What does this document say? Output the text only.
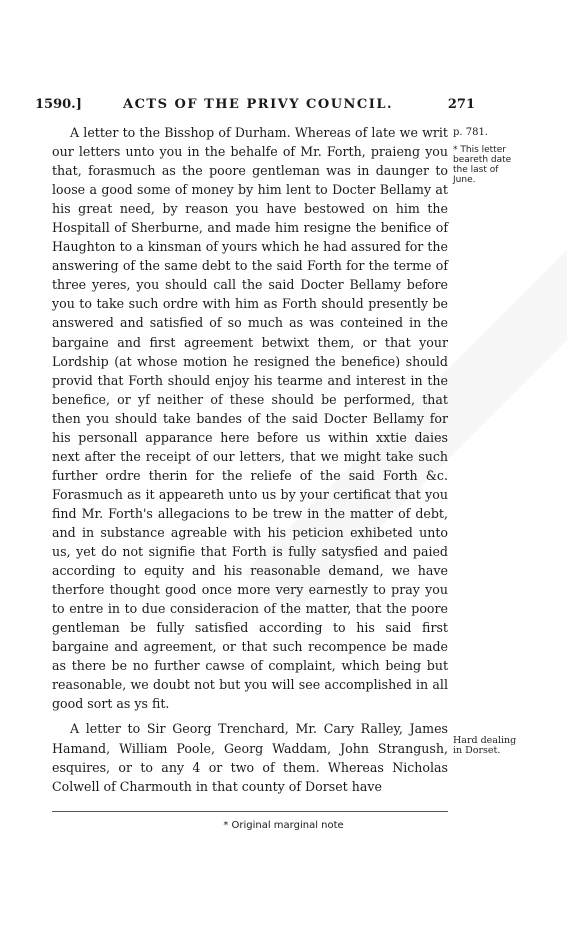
1590.]	ACTS OF THE PRIVY COUNCIL.	271

A letter to the Bisshop of Durham. Whereas of late we writ our letters unto you in the behalfe of Mr. Forth, praieng you that, forasmuch as the poore gentleman was in daunger to loose a good some of money by him lent to Docter Bellamy at his great need, by reason you have bestowed on him the Hospitall of Sherburne, and made him resigne the benifice of Haughton to a kinsman of yours which he had assured for the answering of the same debt to the said Forth for the terme of three yeres, you should call the said Docter Bellamy before you to take such ordre with him as Forth should presently be answered and satisfied of so much as was conteined in the bargaine and first agreement betwixt them, or that your Lordship (at whose motion he resigned the benefice) should provid that Forth should enjoy his tearme and interest in the benefice, or yf neither of these should be performed, that then you should take bandes of the said Docter Bellamy for his personall apparance here before us within xxtie daies next after the receipt of our letters, that we might take such further ordre therin for the reliefe of the said Forth &c. Forasmuch as it appeareth unto us by your certificat that you find Mr. Forth's allegacions to be trew in the matter of debt, and in substance agreable with his peticion exhibeted unto us, yet do not signifie that Forth is fully satysfied and paied according to equity and his reasonable demand, we have therfore thought good once more very earnestly to pray you to entre in to due consideracion of the matter, that the poore gentleman be fully satisfied according to his said first bargaine and agreement, or that such recompence be made as there be no further cawse of complaint, which being but reasonable, we doubt not but you will see accomplished in all good sort as ys fit.

A letter to Sir Georg Trenchard, Mr. Cary Ralley, James Hamand, William Poole, Georg Waddam, John Strangush, esquires, or to any 4 or two of them. Whereas Nicholas Colwell of Charmouth in that county of Dorset have

p. 781.
* This letter beareth date the last of June.
Hard dealing in Dorset.
* Original marginal note
